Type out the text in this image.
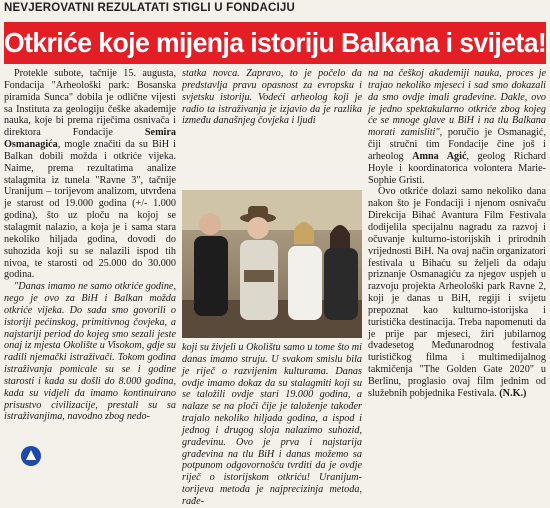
NEVJEROVATNI REZULATATI STIGLI U FONDACIJU
Otkriće koje mijenja istoriju Balkana i svijeta!

Protekle subote, tačnije 15. augusta, Fondacija "Arheološki park: Bosanska piramida Sunca" dobila je odlične vijesti sa Instituta za geologiju češke akademije nauka, koje bi prema riječima osnivača i direktora Fondacije	Semira Osmanagića, mogle značiti da su BiH i Balkan dobili možda i otkriće vijeka. Naime, prema rezultatima analize stalagmita iz tunela "Ravne 3", tačnije Uranijum – torijevom analizom, utvrđena je starost od 19.000 godina (+/- 1.000 godina), što uz ploču na kojoj se stalagmit nalazio, a koja je i sama stara nekoliko hiljada godina, dovodi do suhozida koji su se nalazili ispod tih nivoa, te starosti od 25.000 do 30.000 godina.

"Danas imamo ne samo otkriće godine, nego je ovo za BiH i Balkan možda otkriće vijeka. Do sada smo govorili o istoriji pećinskog, primitivnog čovjeka, a najstariji period do kojeg smo sezali jeste onaj iz mjesta Okolište u Visokom, gdje su radili njemački istraživači. Tokom godina istraživanja pomicale su se i godine starosti i kada su došli do 8.000 godina, kada su vidjeli da imamo kontinuirano prisustvo civilizacije, prestali su sa istraživanjima, navodno zbog nedo-

statka novca. Zapravo, to je počelo da predstavlja pravu opasnost za evropsku i svjetsku istoriju. Vodeći arheolog koji je radio ta istraživanja je izjavio da je razlika između današnjeg čovjeka i ljudi
koji su živjeli u Okolištu samo u tome što mi danas imamo struju. U svakom smislu bila je riječ o razvijenim kulturama. Danas ovdje imamo dokaz da su stalagmiti koji su se taložili ovdje stari 19.000 godina, a nalaze se na ploči čije je taloženje također trajalo nekoliko hiljada godina, a ispod i jednog i drugog sloja nalazimo suhozid, građevinu. Ovo je prva i najstarija građevina na tlu BiH i danas možemo sa potpunom odgovornošću tvrditi da je ovdje riječ o istorijskom otkriću! Uranijum-torijeva metoda je najprecizinja metoda, rađe-

na na češkoj akademiji nauka, proces je trajao nekoliko mjeseci i sad smo dokazali da smo ovdje imali građevine. Dakle, ovo je jedno spektakularno otkriće zbog kojeg će se mnoge glave u BiH i na tlu Balkana morati zamisliti", poručio je Osmanagić, čiji stručni tim Fondacije čine još i arheolog Amna Agić, geolog Richard Hoyle i koordinatorica volontera Marie-Sophie Gristi.

Ovo otkriće dolazi samo nekoliko dana nakon što je Fondaciji i njenom osnivaču Direkcija Bihać Avantura Film Festivala dodijelila specijalnu nagradu za razvoj i očuvanje kulturno-istorijskih i prirodnih vrijednosti BiH. Na ovaj način organizatori festivala u Bihaću su željeli da odaju priznanje Osmanagiću za njegov uspjeh u razvoju projekta Arheološki park Ravne 2, koji je danas u BiH, regiji i svijetu prepoznat kao kulturno-istorijska i turistička destinacija. Treba napomenuti da je prije par mjeseci, žiri jubilarnog dvadesetog Međunarodnog festivala turističkog filma i multimedijalnog takmičenja "The Golden Gate 2020" u Berlinu, proglasio ovaj film jednim od služebnih pobjednika Festivala. (N.K.)
